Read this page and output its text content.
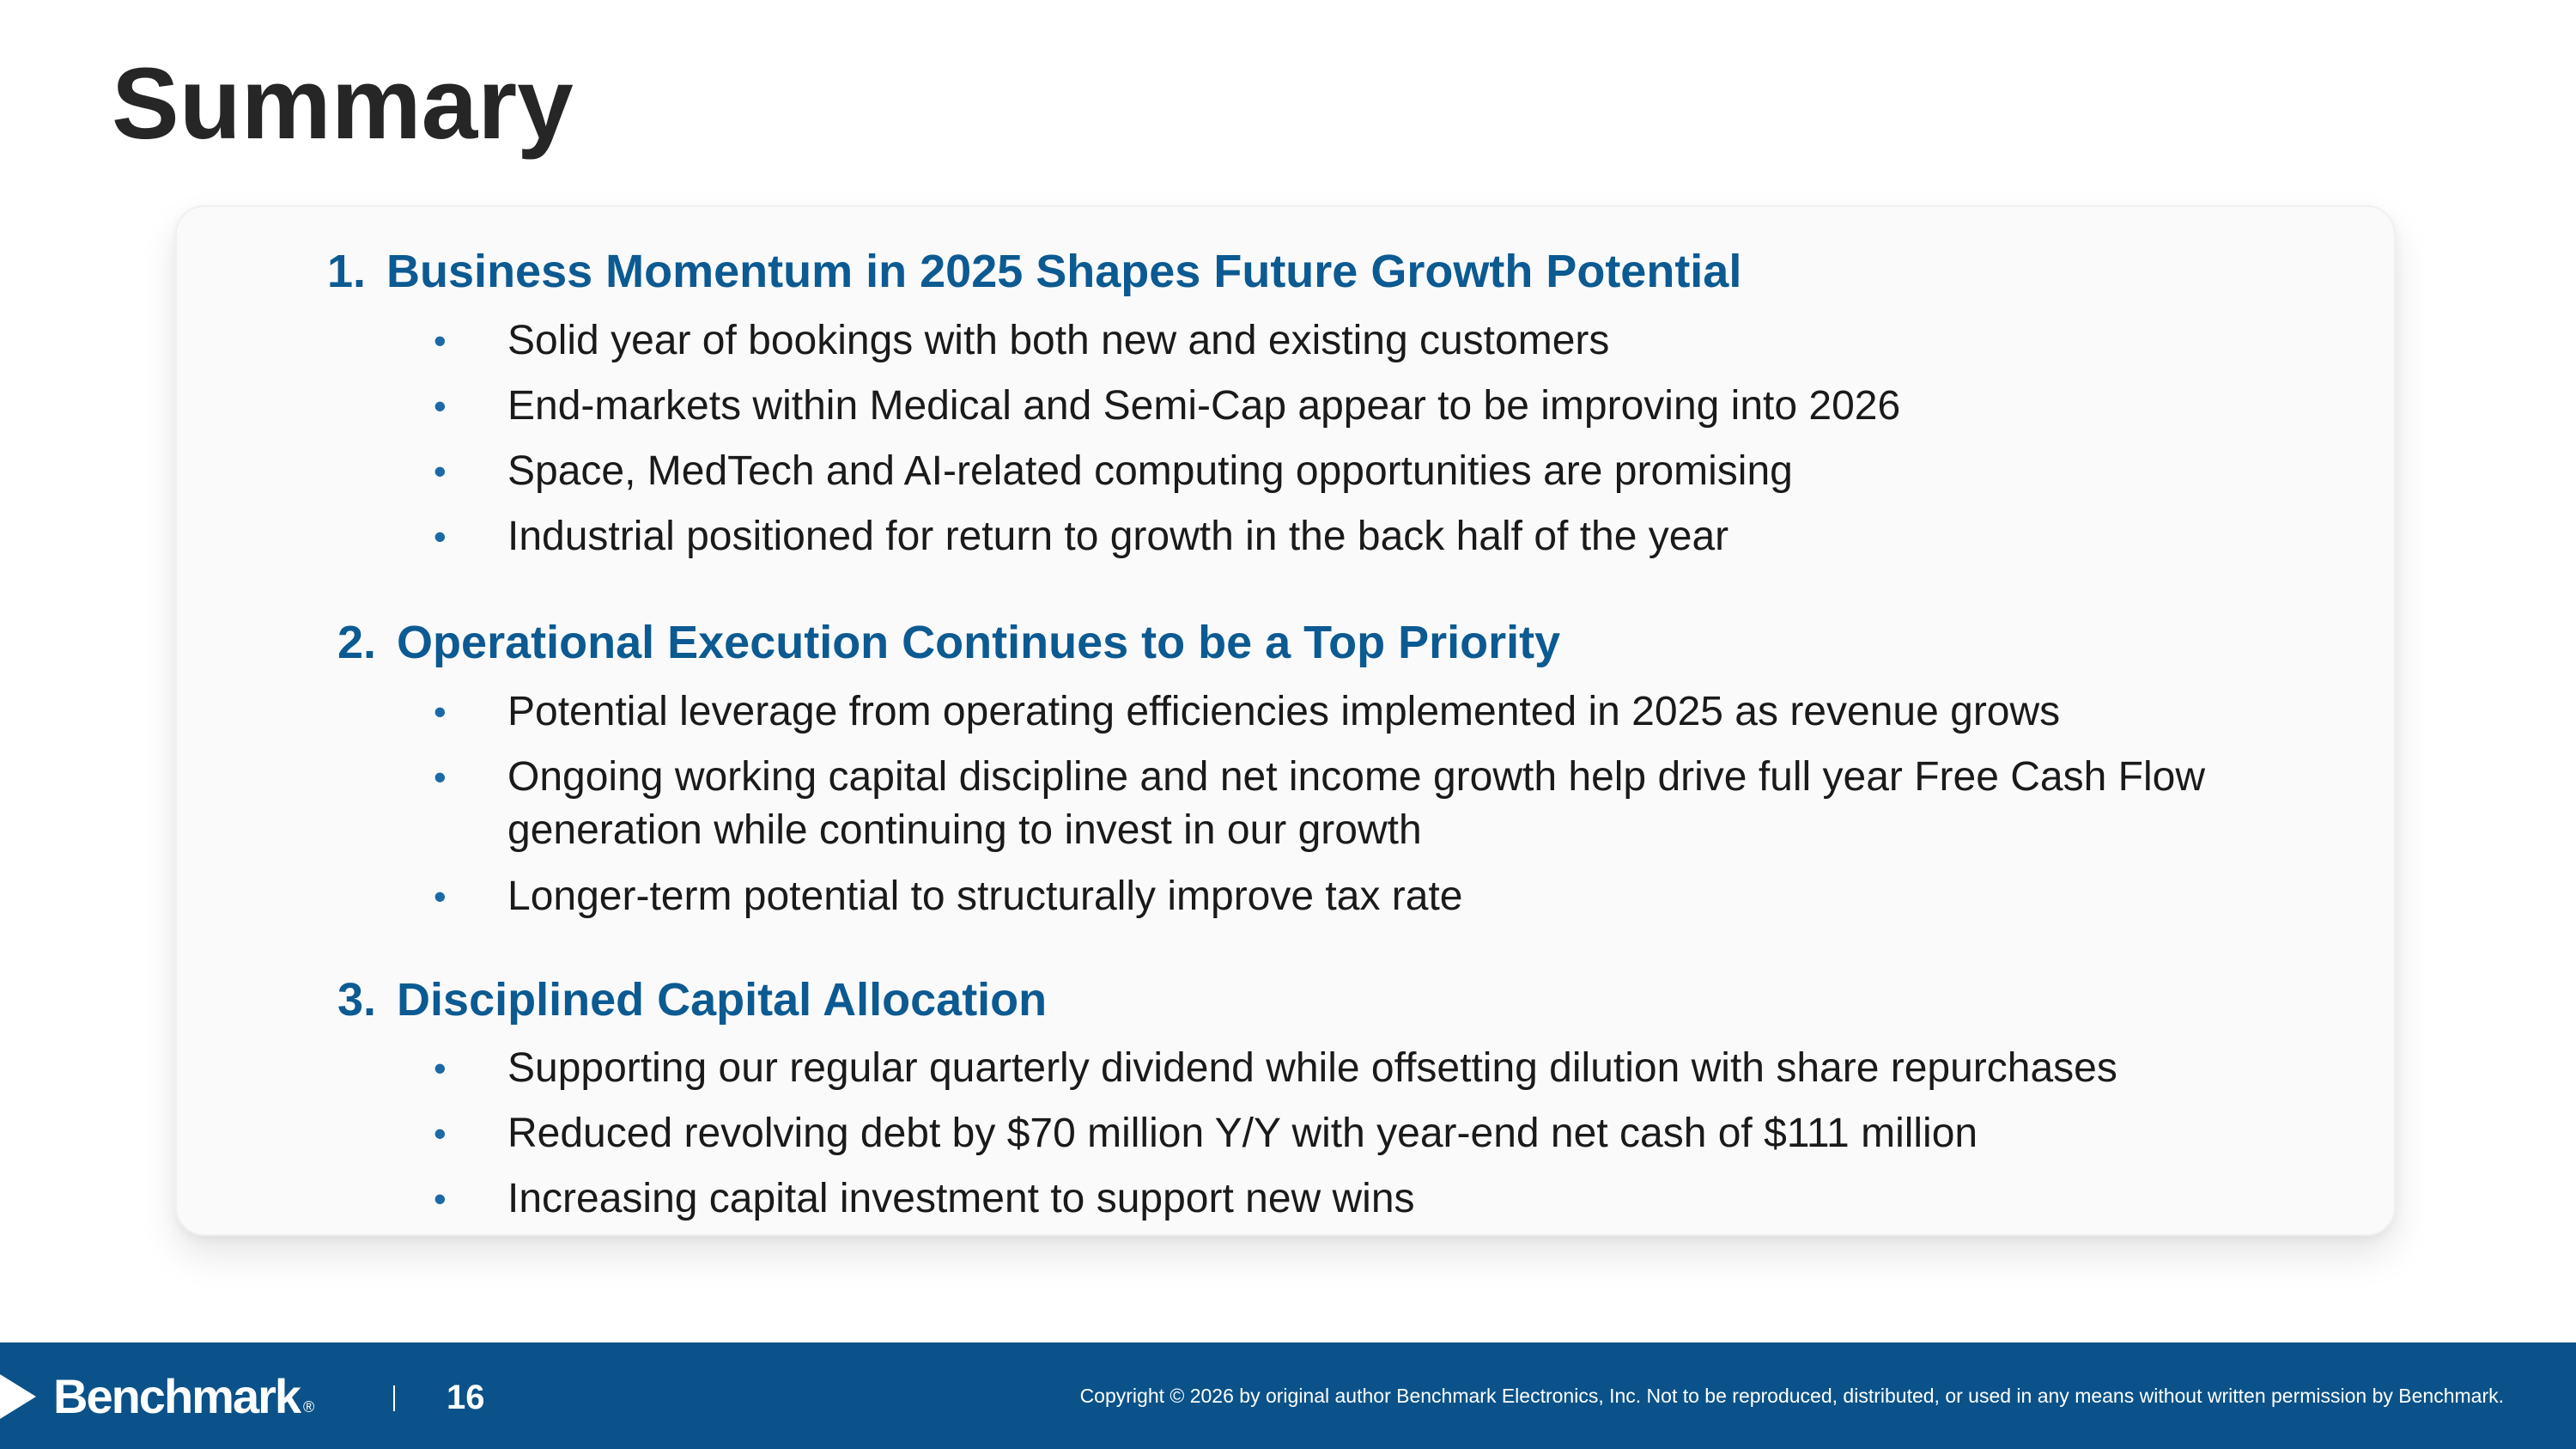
Summary
1. Business Momentum in 2025 Shapes Future Growth Potential
• Solid year of bookings with both new and existing customers
• End-markets within Medical and Semi-Cap appear to be improving into 2026
• Space, MedTech and AI-related computing opportunities are promising
• Industrial positioned for return to growth in the back half of the year
2. Operational Execution Continues to be a Top Priority
• Potential leverage from operating efficiencies implemented in 2025 as revenue grows
• Ongoing working capital discipline and net income growth help drive full year Free Cash Flow generation while continuing to invest in our growth
• Longer-term potential to structurally improve tax rate
3. Disciplined Capital Allocation
• Supporting our regular quarterly dividend while offsetting dilution with share repurchases
• Reduced revolving debt by $70 million Y/Y with year-end net cash of $111 million
• Increasing capital investment to support new wins
Benchmark ®	16	Copyright © 2026 by original author Benchmark Electronics, Inc. Not to be reproduced, distributed, or used in any means without written permission by Benchmark.
